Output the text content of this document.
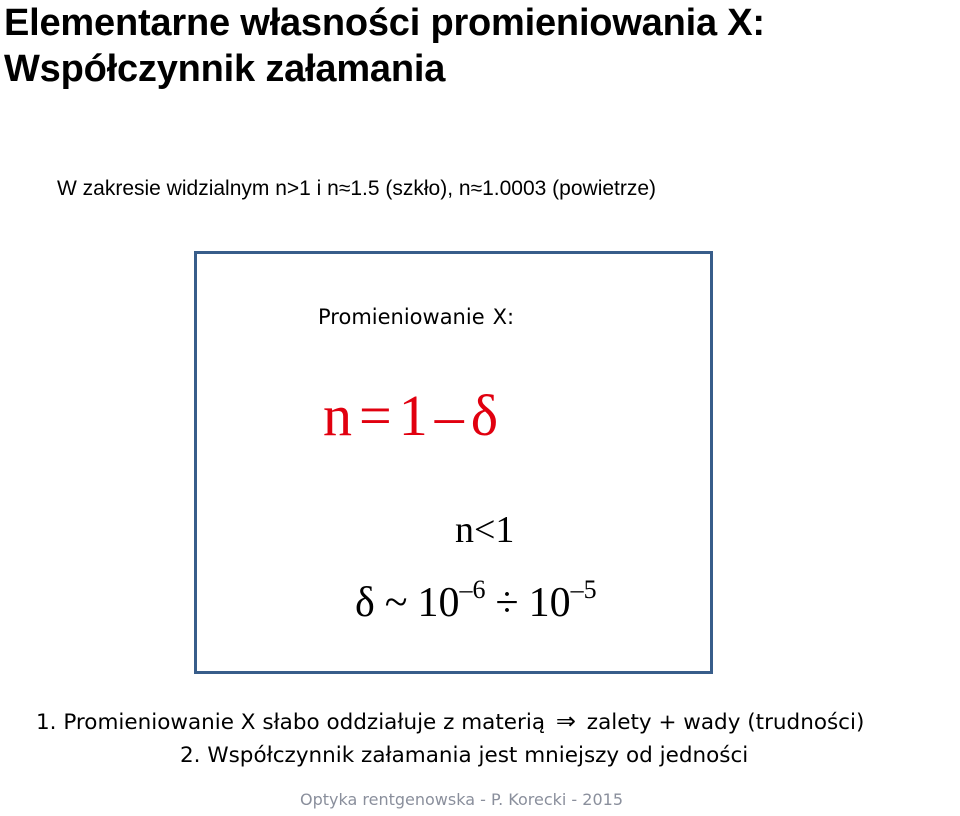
Elementarne własności promieniowania X:
Współczynnik załamania
W zakresie widzialnym n>1 i n≈1.5 (szkło), n≈1.0003 (powietrze)
Promieniowanie X:
n = 1 – δ
n<1
δ ~ $10^{-6} \div 10^{-5}$
1. Promieniowanie X słabo oddziałuje z materią ⇒ zalety + wady (trudności)
2. Współczynnik załamania jest mniejszy od jedności
Optyka rentgenowska - P. Korecki - 2015
